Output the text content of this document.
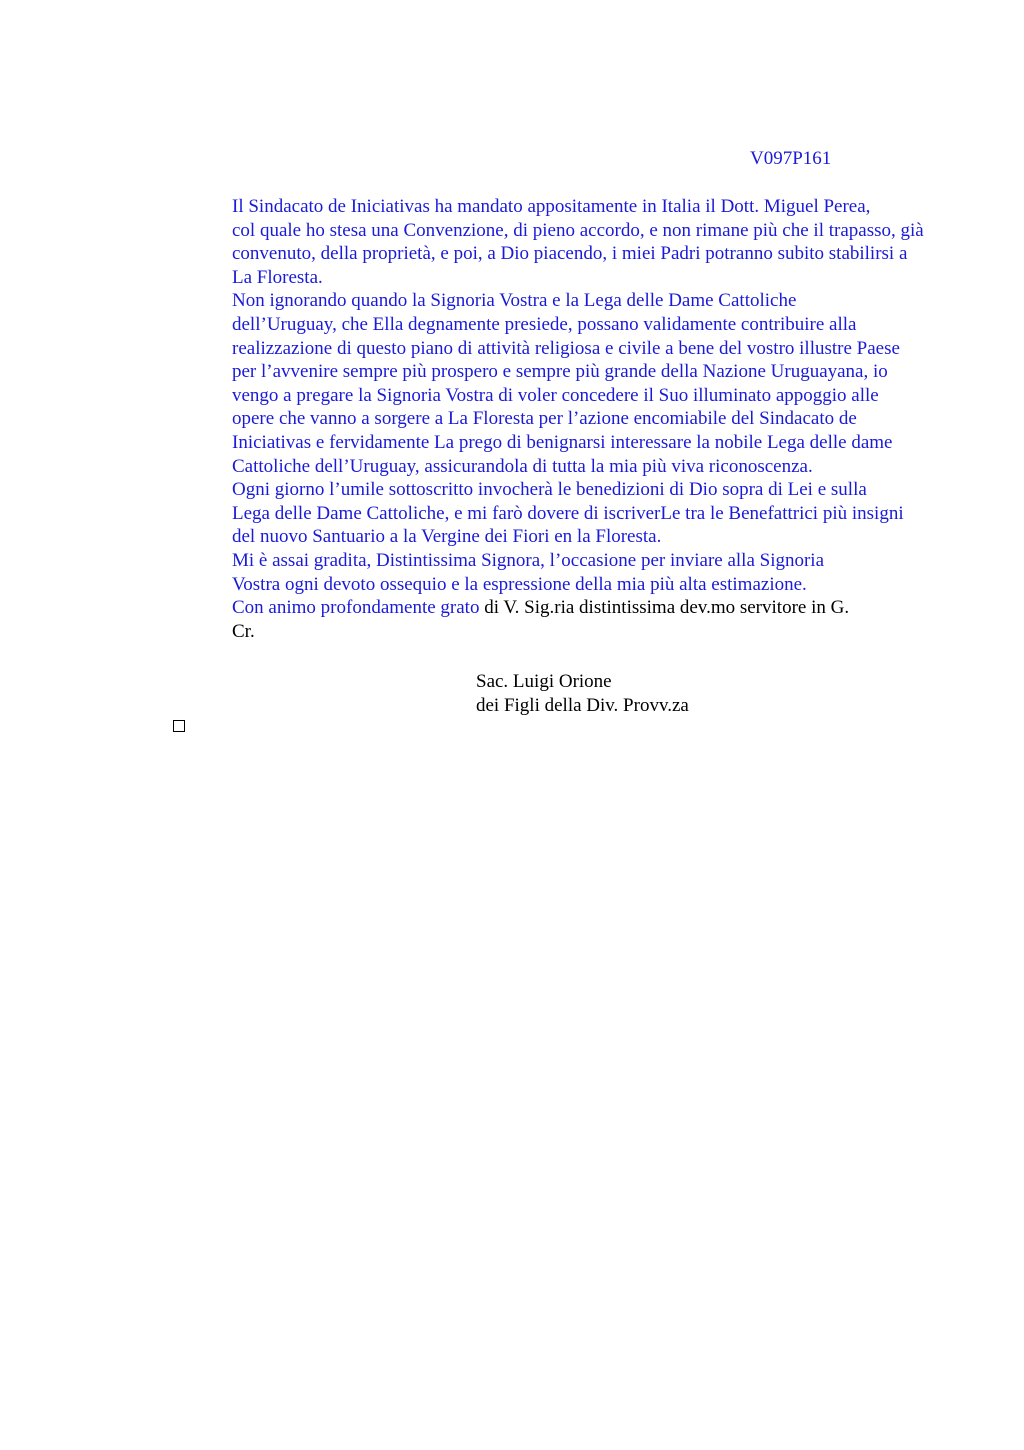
V097P161

Il Sindacato de Iniciativas ha mandato appositamente in Italia il Dott. Miguel Perea,
col quale ho stesa una Convenzione, di pieno accordo, e non rimane più che il trapasso, già
convenuto, della proprietà, e poi, a Dio piacendo, i miei Padri potranno subito stabilirsi a
La Floresta.

Non ignorando quando la Signoria Vostra e la Lega delle Dame Cattoliche
dell’Uruguay, che Ella degnamente presiede, possano validamente contribuire alla
realizzazione di questo piano di attività religiosa e civile a bene del vostro illustre Paese
per l’avvenire sempre più prospero e sempre più grande della Nazione Uruguayana, io
vengo a pregare la Signoria Vostra di voler concedere il Suo illuminato appoggio alle
opere che vanno a sorgere a La Floresta per l’azione encomiabile del Sindacato de
Iniciativas e fervidamente La prego di benignarsi interessare la nobile Lega delle dame
Cattoliche dell’Uruguay, assicurandola di tutta la mia più viva riconoscenza.

Ogni giorno l’umile sottoscritto invocherà le benedizioni di Dio sopra di Lei e sulla
Lega delle Dame Cattoliche, e mi farò dovere di iscriverLe tra le Benefattrici più insigni
del nuovo Santuario a la Vergine dei Fiori en la Floresta.

Mi è assai gradita, Distintissima Signora, l’occasione per inviare alla Signoria
Vostra ogni devoto ossequio e la espressione della mia più alta estimazione.

Con animo profondamente grato di V. Sig.ria distintissima dev.mo servitore in G.
Cr.

Sac. Luigi Orione
dei Figli della Div. Provv.za
